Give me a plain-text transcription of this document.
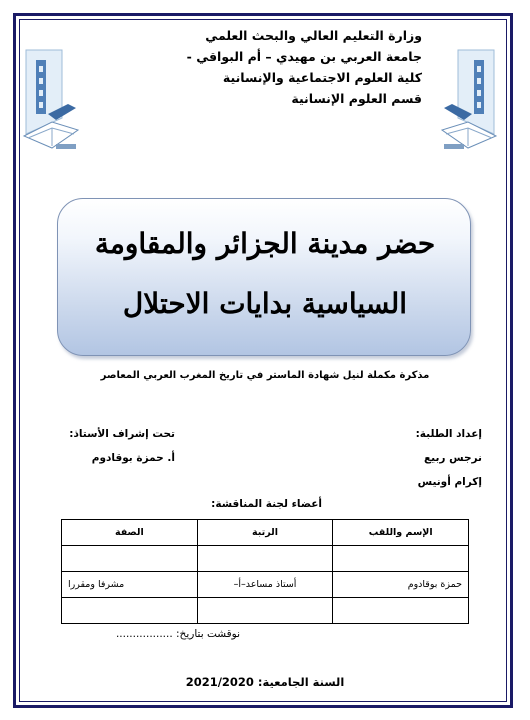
وزارة التعليم العالي والبحث العلمي
جامعة العربي بن مهيدي – أم البواقي -
كلية العلوم الاجتماعية والإنسانية
قسم العلوم الإنسانية
حضر مدينة الجزائر والمقاومة
السياسية بدايات الاحتلال
مذكرة مكملة لنيل شهادة الماستر في تاريخ المغرب العربي المعاصر
إعداد الطلبة:
نرجس ربيع
إكرام أونيس
تحت إشراف الأستاذ:
أ. حمزة بوقادوم
أعضاء لجنة المناقشة:
الإسم واللقب	الرتبة	الصفة

حمزة بوقادوم	أستاذ مساعد–أ–	مشرفا ومقررا

نوقشت بتاريخ: .................
السنة الجامعية: 2021/2020
